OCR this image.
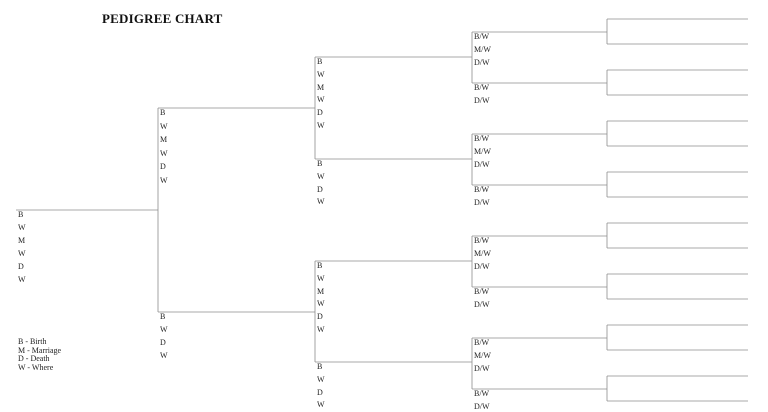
PEDIGREE CHART
B
W
M
W
D
W
B
W
M
W
D
W
B
W
D
W
B
W
M
W
D
W
B
W
D
W
B
W
M
W
D
W
B
W
D
W
B/W
M/W
D/W
B/W
D/W
B/W
M/W
D/W
B/W
D/W
B/W
M/W
D/W
B/W
D/W
B/W
M/W
D/W
B/W
D/W
B - Birth
M - Marriage
D - Death
W - Where
